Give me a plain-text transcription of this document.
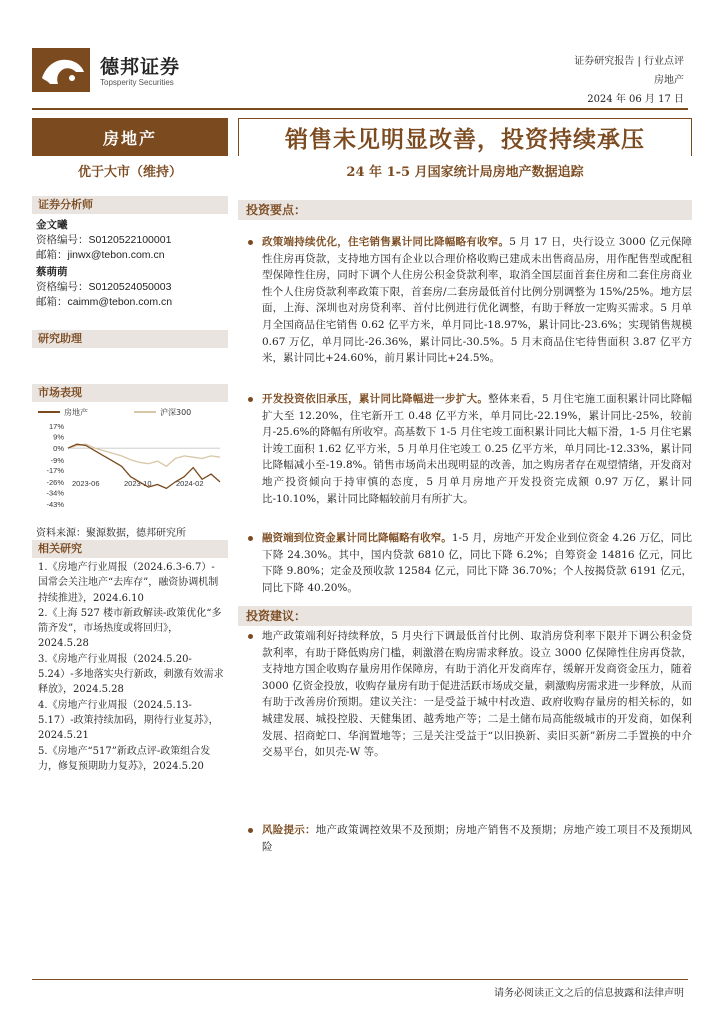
德邦证券
Topsperity Securities
证券研究报告 | 行业点评
房地产
2024 年 06 月 17 日
房地产
优于大市（维持）
证券分析师
金文曦
资格编号：S0120522100001
邮箱：jinwx@tebon.com.cn
蔡萌萌
资格编号：S0120524050003
邮箱：caimm@tebon.com.cn
研究助理
市场表现
房地产	沪深300
17%
9%
0%
-9%
-17%
-26%
-34%
-43%
2023-06	2023-10	2024-02
资料来源：聚源数据，德邦研究所
相关研究
1.《房地产行业周报（2024.6.3-6.7）-国常会关注地产“去库存”，融资协调机制持续推进》，2024.6.10
2.《上海 527 楼市新政解读-政策优化“多箭齐发”，市场热度或将回归》，2024.5.28
3.《房地产行业周报（2024.5.20-5.24）-多地落实央行新政，刺激有效需求释放》，2024.5.28
4.《房地产行业周报（2024.5.13-5.17）-政策持续加码，期待行业复苏》，2024.5.21
5.《房地产“517”新政点评-政策组合发力，修复预期助力复苏》，2024.5.20
销售未见明显改善，投资持续承压
24 年 1-5 月国家统计局房地产数据追踪
投资要点：
政策端持续优化，住宅销售累计同比降幅略有收窄。5 月 17 日，央行设立 3000 亿元保障性住房再贷款，支持地方国有企业以合理价格收购已建成未出售商品房，用作配售型或配租型保障性住房，同时下调个人住房公积金贷款利率，取消全国层面首套住房和二套住房商业性个人住房贷款利率政策下限，首套房/二套房最低首付比例分别调整为 15%/25%。地方层面，上海、深圳也对房贷利率、首付比例进行优化调整，有助于释放一定购买需求。5 月单月全国商品住宅销售 0.62 亿平方米，单月同比-18.97%，累计同比-23.6%；实现销售规模 0.67 万亿，单月同比-26.36%，累计同比-30.5%。5 月末商品住宅待售面积 3.87 亿平方米，累计同比+24.60%，前月累计同比+24.5%。
开发投资依旧承压，累计同比降幅进一步扩大。整体来看，5 月住宅施工面积累计同比降幅扩大至 12.20%，住宅新开工 0.48 亿平方米，单月同比-22.19%，累计同比-25%，较前月-25.6%的降幅有所收窄。高基数下 1-5 月住宅竣工面积累计同比大幅下滑，1-5 月住宅累计竣工面积 1.62 亿平方米，5 月单月住宅竣工 0.25 亿平方米，单月同比-12.33%，累计同比降幅减小至-19.8%。销售市场尚未出现明显的改善，加之购房者存在观望情绪，开发商对地产投资倾向于持审慎的态度，5 月单月房地产开发投资完成额 0.97 万亿，累计同比-10.10%，累计同比降幅较前月有所扩大。
融资端到位资金累计同比降幅略有收窄。1-5 月，房地产开发企业到位资金 4.26 万亿，同比下降 24.30%。其中，国内贷款 6810 亿，同比下降 6.2%；自筹资金 14816 亿元，同比下降 9.80%；定金及预收款 12584 亿元，同比下降 36.70%；个人按揭贷款 6191 亿元，同比下降 40.20%。
投资建议：
地产政策端利好持续释放，5 月央行下调最低首付比例、取消房贷利率下限并下调公积金贷款利率，有助于降低购房门槛，刺激潜在购房需求释放。设立 3000 亿保障性住房再贷款，支持地方国企收购存量房用作保障房，有助于消化开发商库存，缓解开发商资金压力，随着 3000 亿资金投放，收购存量房有助于促进活跃市场成交量，刺激购房需求进一步释放，从而有助于改善房价预期。建议关注：一是受益于城中村改造、政府收购存量房的相关标的，如城建发展、城投控股、天健集团、越秀地产等；二是土储布局高能级城市的开发商，如保利发展、招商蛇口、华润置地等；三是关注受益于“以旧换新、卖旧买新”新房二手置换的中介交易平台，如贝壳-W 等。
风险提示：地产政策调控效果不及预期；房地产销售不及预期；房地产竣工项目不及预期风险
请务必阅读正文之后的信息披露和法律声明
